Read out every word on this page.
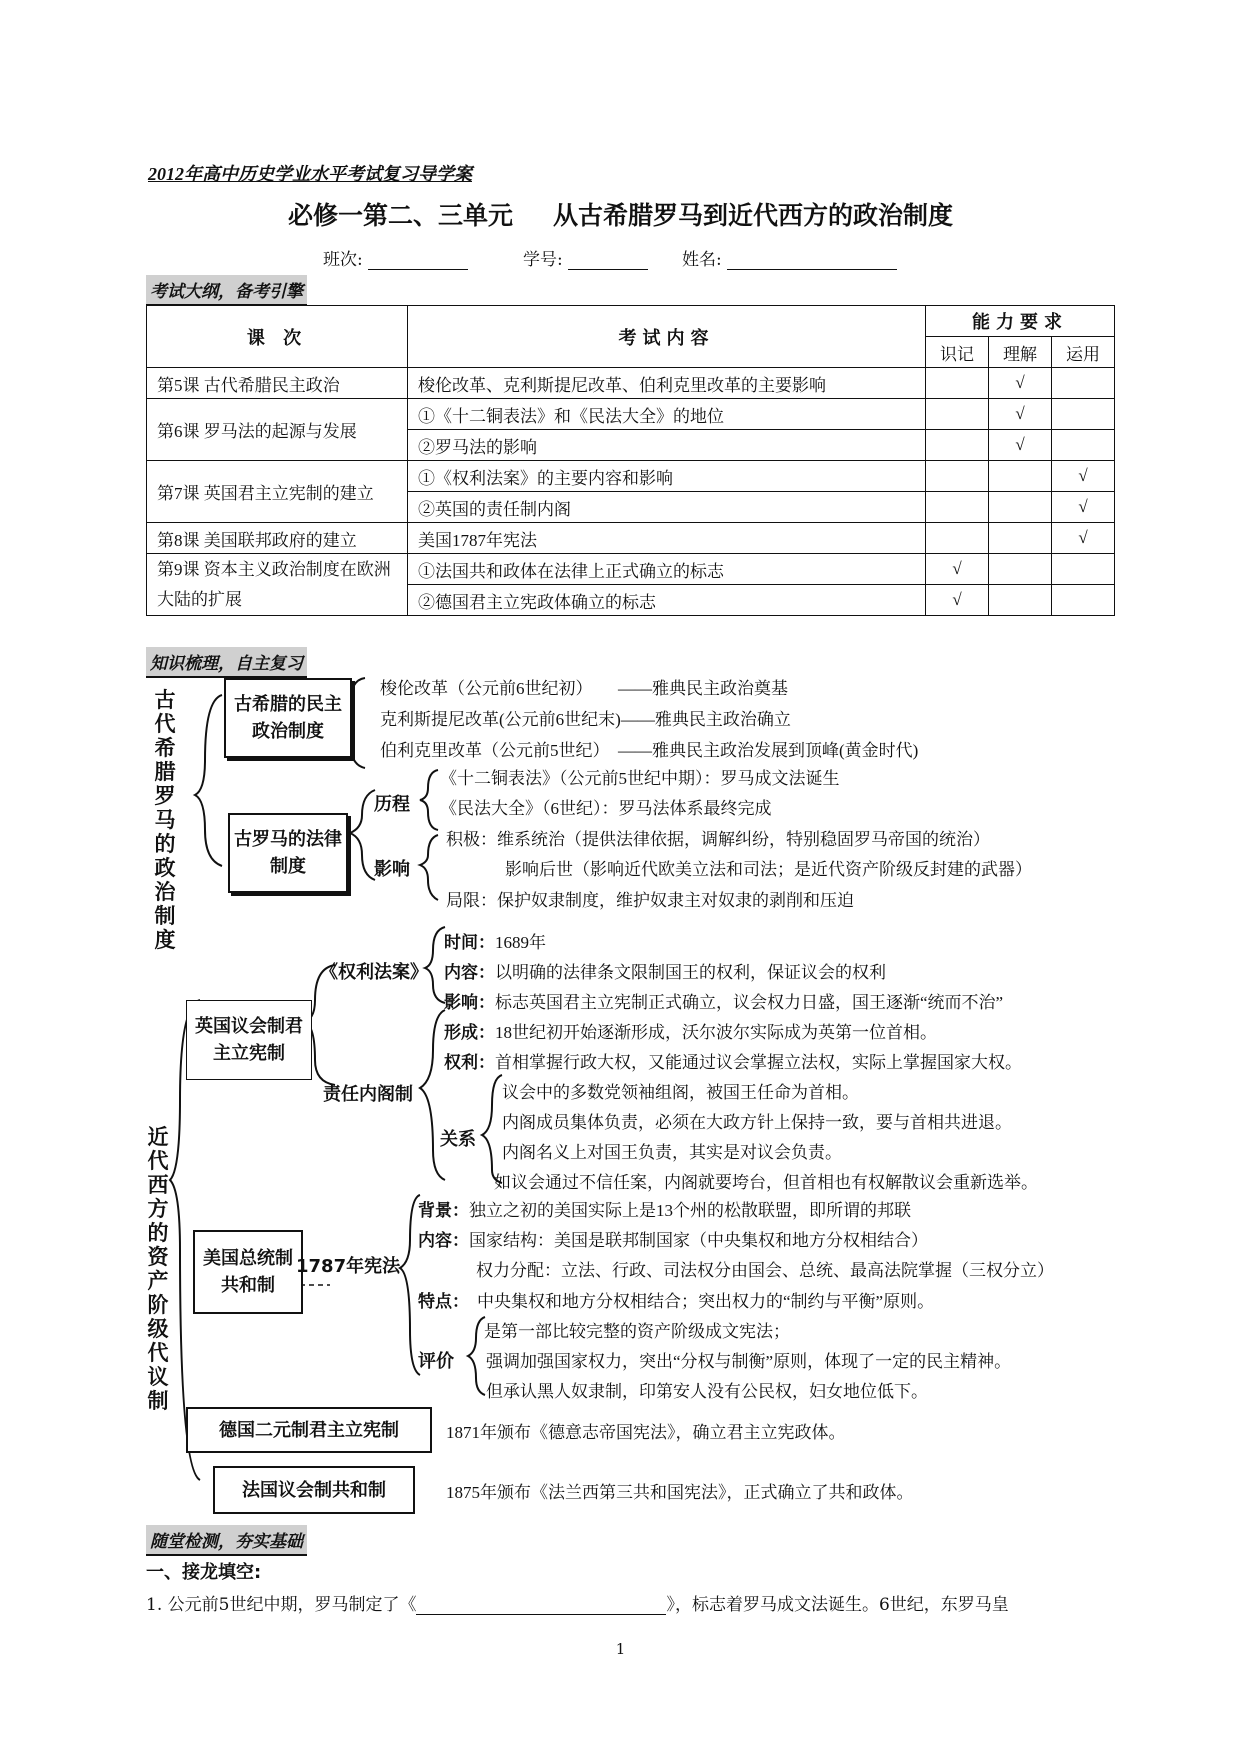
2012年高中历史学业水平考试复习导学案
必修一第二、三单元 从古希腊罗马到近代西方的政治制度
班次:	学号:	姓名:
考试大纲，备考引擎
课 次	考试内容	能力要求		
		识记	理解	运用
第5课 古代希腊民主政治	梭伦改革、克利斯提尼改革、伯利克里改革的主要影响		√	
第6课 罗马法的起源与发展	①《十二铜表法》和《民法大全》的地位		√	
	②罗马法的影响		√	
第7课 英国君主立宪制的建立	①《权利法案》的主要内容和影响			√
	②英国的责任制内阁			√
第8课 美国联邦政府的建立	美国1787年宪法			√
第9课 资本主义政治制度在欧洲大陆的扩展	①法国共和政体在法律上正式确立的标志	√		
	②德国君主立宪政体确立的标志	√		
知识梳理，自主复习
古代希腊罗马的政治制度
古希腊的民主政治制度
梭伦改革（公元前6世纪初）　　——雅典民主政治奠基
克利斯提尼改革(公元前6世纪末)——雅典民主政治确立
伯利克里改革（公元前5世纪）　——雅典民主政治发展到顶峰(黄金时代)
古罗马的法律制度
历程
《十二铜表法》（公元前5世纪中期）：罗马成文法诞生
《民法大全》（6世纪）：罗马法体系最终完成
影响
积极：维系统治（提供法律依据，调解纠纷，特别稳固罗马帝国的统治）
影响后世（影响近代欧美立法和司法；是近代资产阶级反封建的武器）
局限：保护奴隶制度，维护奴隶主对奴隶的剥削和压迫
近代西方的资产阶级代议制
英国议会制君主立宪制
《权利法案》
时间：1689年
内容：以明确的法律条文限制国王的权利，保证议会的权利
影响：标志英国君主立宪制正式确立，议会权力日盛，国王逐渐“统而不治”
责任内阁制
形成：18世纪初开始逐渐形成，沃尔波尔实际成为英第一位首相。
权利：首相掌握行政大权，又能通过议会掌握立法权，实际上掌握国家大权。
关系
议会中的多数党领袖组阁，被国王任命为首相。
内阁成员集体负责，必须在大政方针上保持一致，要与首相共进退。
内阁名义上对国王负责，其实是对议会负责。
如议会通过不信任案，内阁就要垮台，但首相也有权解散议会重新选举。
美国总统制共和制
1787年宪法
背景：独立之初的美国实际上是13个州的松散联盟，即所谓的邦联
内容：国家结构：美国是联邦制国家（中央集权和地方分权相结合）
权力分配：立法、行政、司法权分由国会、总统、最高法院掌握（三权分立）
特点： 中央集权和地方分权相结合；突出权力的“制约与平衡”原则。
评价
是第一部比较完整的资产阶级成文宪法；
强调加强国家权力，突出“分权与制衡”原则，体现了一定的民主精神。
但承认黑人奴隶制，印第安人没有公民权，妇女地位低下。
德国二元制君主立宪制	1871年颁布《德意志帝国宪法》，确立君主立宪政体。
法国议会制共和制	1875年颁布《法兰西第三共和国宪法》，正式确立了共和政体。
随堂检测，夯实基础
一、接龙填空:
1. 公元前5世纪中期，罗马制定了《	》，标志着罗马成文法诞生。6世纪，东罗马皇
1
